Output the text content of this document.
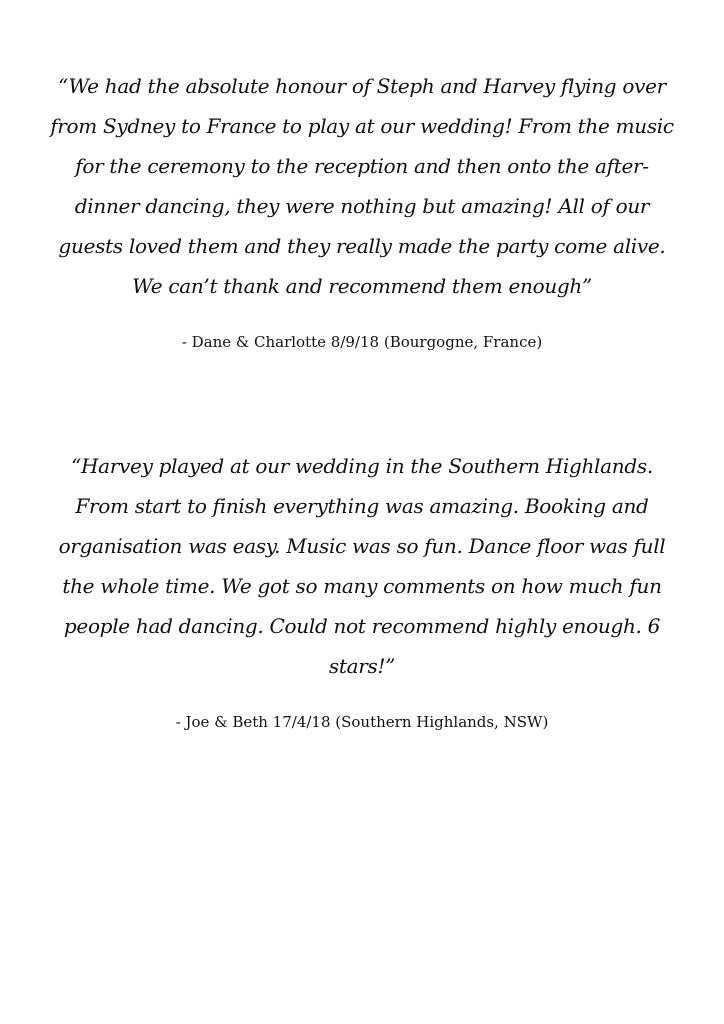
“We had the absolute honour of Steph and Harvey flying over from Sydney to France to play at our wedding! From the music for the ceremony to the reception and then onto the after-dinner dancing, they were nothing but amazing! All of our guests loved them and they really made the party come alive. We can’t thank and recommend them enough”

- Dane & Charlotte 8/9/18 (Bourgogne, France)

“Harvey played at our wedding in the Southern Highlands. From start to finish everything was amazing. Booking and organisation was easy. Music was so fun. Dance floor was full the whole time. We got so many comments on how much fun people had dancing. Could not recommend highly enough. 6 stars!”

- Joe & Beth 17/4/18 (Southern Highlands, NSW)
